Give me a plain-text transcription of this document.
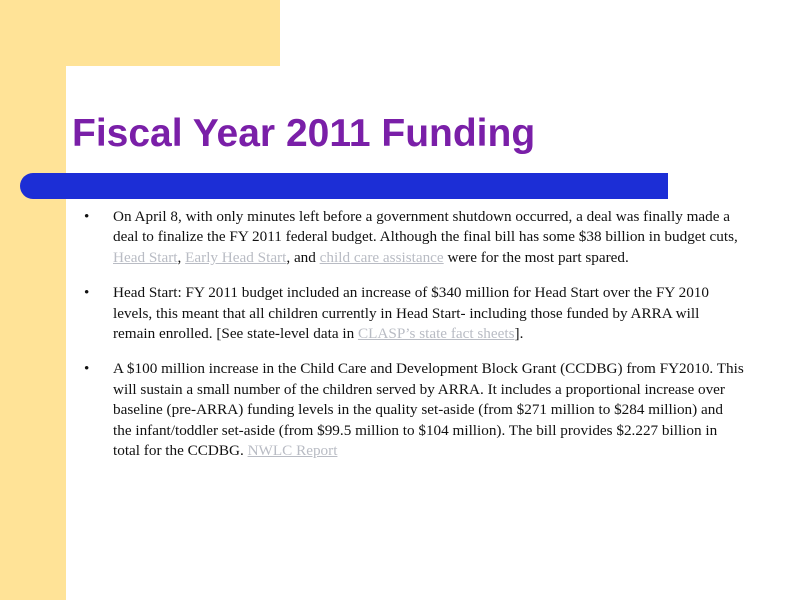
Fiscal Year 2011 Funding
•	On April 8, with only minutes left before a government shutdown occurred, a deal was finally made a deal to finalize the FY 2011 federal budget. Although the final bill has some $38 billion in budget cuts, Head Start, Early Head Start, and child care assistance were for the most part spared.
•	Head Start: FY 2011 budget included an increase of $340 million for Head Start over the FY 2010 levels, this meant that all children currently in Head Start- including those funded by ARRA will remain enrolled. [See state-level data in CLASP’s state fact sheets].
•	A $100 million increase in the Child Care and Development Block Grant (CCDBG) from FY2010. This will sustain a small number of the children served by ARRA. It includes a proportional increase over baseline (pre-ARRA) funding levels in the quality set-aside (from $271 million to $284 million) and the infant/toddler set-aside (from $99.5 million to $104 million). The bill provides $2.227 billion in total for the CCDBG. NWLC Report
